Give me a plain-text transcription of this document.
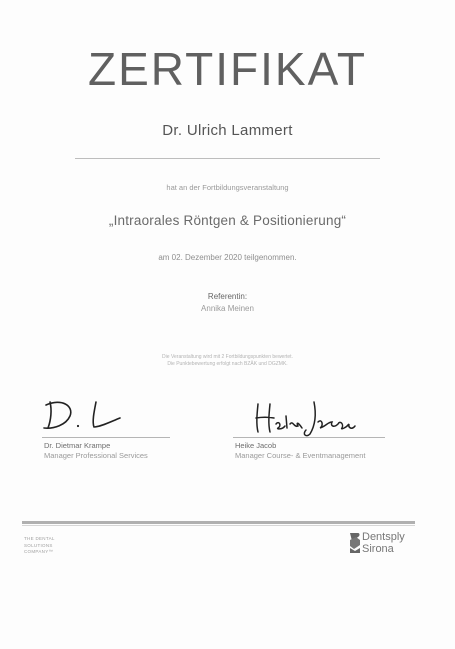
ZERTIFIKAT
Dr. Ulrich Lammert
hat an der Fortbildungsveranstaltung
„Intraorales Röntgen & Positionierung“
am 02. Dezember 2020 teilgenommen.
Referentin:
Annika Meinen
Die Veranstaltung wird mit 2 Fortbildungspunkten bewertet.
Die Punktebewertung erfolgt nach BZÄK und DGZMK.
Dr. Dietmar Krampe
Manager Professional Services
Heike Jacob
Manager Course- & Eventmanagement
THE DENTAL
SOLUTIONS
COMPANY™
Dentsply
Sirona
